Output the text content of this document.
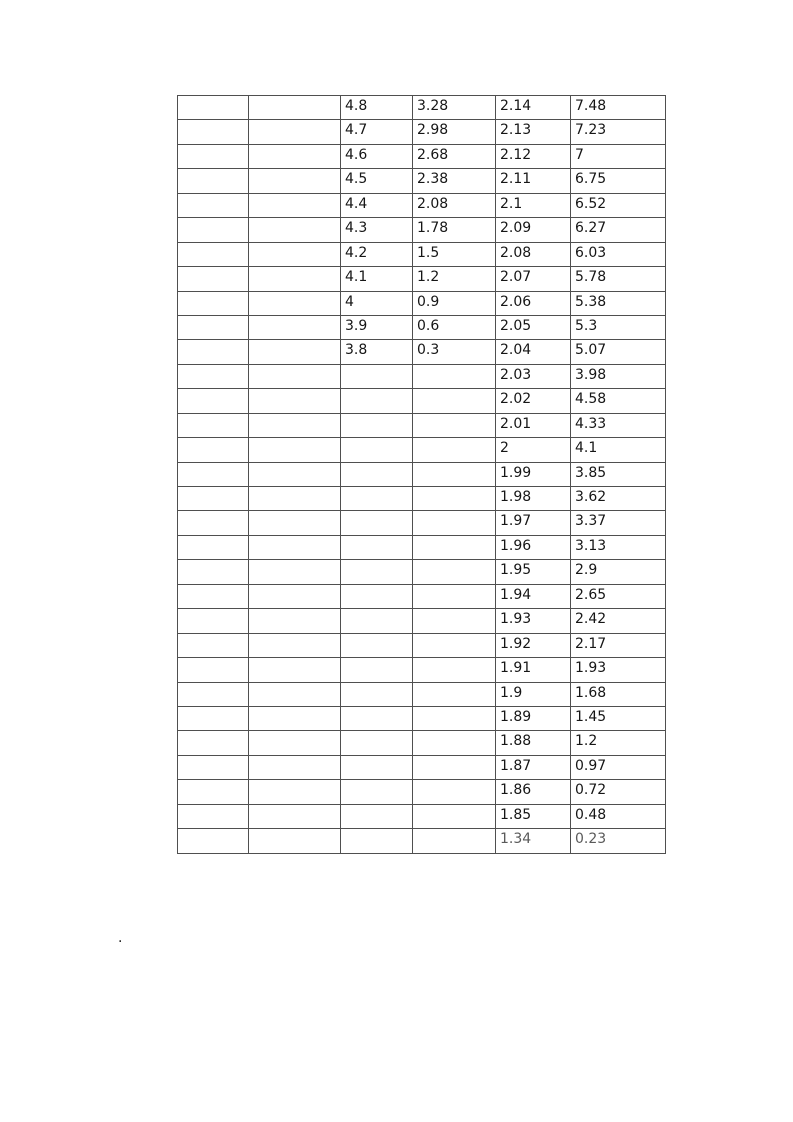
		4.8	3.28	2.14	7.48
		4.7	2.98	2.13	7.23
		4.6	2.68	2.12	7
		4.5	2.38	2.11	6.75
		4.4	2.08	2.1	6.52
		4.3	1.78	2.09	6.27
		4.2	1.5	2.08	6.03
		4.1	1.2	2.07	5.78
		4	0.9	2.06	5.38
		3.9	0.6	2.05	5.3
		3.8	0.3	2.04	5.07
				2.03	3.98
				2.02	4.58
				2.01	4.33
				2	4.1
				1.99	3.85
				1.98	3.62
				1.97	3.37
				1.96	3.13
				1.95	2.9
				1.94	2.65
				1.93	2.42
				1.92	2.17
				1.91	1.93
				1.9	1.68
				1.89	1.45
				1.88	1.2
				1.87	0.97
				1.86	0.72
				1.85	0.48
				1.34	0.23
.
